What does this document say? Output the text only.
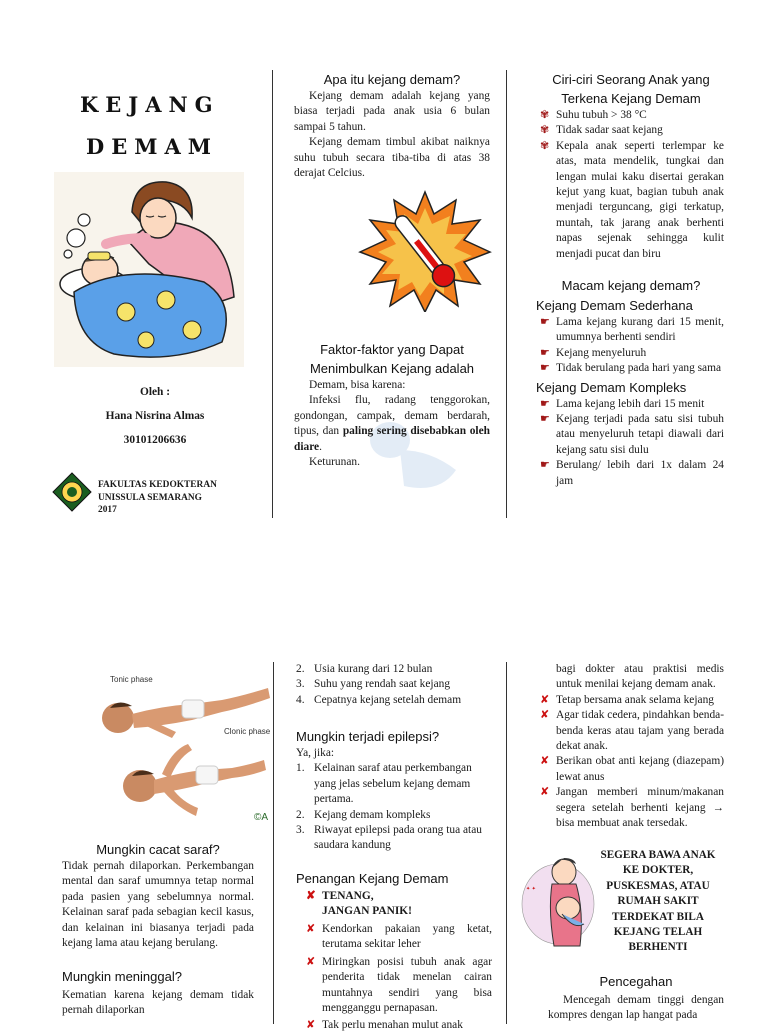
KEJANG
DEMAM
Oleh :
Hana Nisrina Almas
30101206636
FAKULTAS KEDOKTERAN
UNISSULA SEMARANG
2017
Apa itu kejang demam?

Kejang demam adalah kejang yang biasa terjadi pada anak usia 6 bulan sampai 5 tahun.

Kejang demam timbul akibat naiknya suhu tubuh secara tiba-tiba di atas 38 derajat Celcius.

Faktor-faktor yang Dapat
Menimbulkan Kejang adalah

Demam, bisa karena:

Infeksi flu, radang tenggorokan, gondongan, campak, demam berdarah, tipus, dan paling sering disebabkan oleh diare.

Keturunan.

Ciri-ciri Seorang Anak yang
Terkena Kejang Demam
✾ Suhu tubuh > 38 °C
✾ Tidak sadar saat kejang
✾ Kepala anak seperti terlempar ke atas, mata mendelik, tungkai dan lengan mulai kaku disertai gerakan kejut yang kuat, bagian tubuh anak menjadi terguncang, gigi terkatup, muntah, tak jarang anak berhenti napas sejenak sehingga kulit menjadi pucat dan biru
Macam kejang demam?
Kejang Demam Sederhana
☛ Lama kejang kurang dari 15 menit, umumnya berhenti sendiri
☛ Kejang menyeluruh
☛ Tidak berulang pada hari yang sama
Kejang Demam Kompleks
☛ Lama kejang lebih dari 15 menit
☛ Kejang terjadi pada satu sisi tubuh atau menyeluruh tetapi diawali dari kejang satu sisi dulu
☛ Berulang/ lebih dari 1x dalam 24 jam
Tonic phase
Clonic phase
©A
Mungkin cacat saraf?

Tidak pernah dilaporkan. Perkembangan mental dan saraf umumnya tetap normal pada pasien yang sebelumnya normal. Kelainan saraf pada sebagian kecil kasus, dan kelainan ini biasanya terjadi pada kejang lama atau kejang berulang.

Mungkin meninggal?

Kematian karena kejang demam tidak pernah dilaporkan

2. Usia kurang dari 12 bulan
3. Suhu yang rendah saat kejang
4. Cepatnya kejang setelah demam
Mungkin terjadi epilepsi?

Ya, jika:

1. Kelainan saraf atau perkembangan yang jelas sebelum kejang demam pertama.
2. Kejang demam kompleks
3. Riwayat epilepsi pada orang tua atau saudara kandung
Penangan Kejang Demam
✘ TENANG,
JANGAN PANIK!
✘ Kendorkan pakaian yang ketat, terutama sekitar leher
✘ Miringkan posisi tubuh anak agar penderita tidak menelan cairan muntahnya sendiri yang bisa mengganggu pernapasan.
✘ Tak perlu menahan mulut anak

bagi dokter atau praktisi medis untuk menilai kejang demam anak.

✘ Tetap bersama anak selama kejang
✘ Agar tidak cedera, pindahkan benda-benda keras atau tajam yang berada dekat anak.
✘ Berikan obat anti kejang (diazepam) lewat anus
✘ Jangan memberi minum/makanan segera setelah berhenti kejang → bisa membuat anak tersedak.
✦ ✦
SEGERA BAWA ANAK KE DOKTER, PUSKESMAS, ATAU RUMAH SAKIT TERDEKAT BILA KEJANG TELAH BERHENTI
Pencegahan

Mencegah demam tinggi dengan kompres dengan lap hangat pada
